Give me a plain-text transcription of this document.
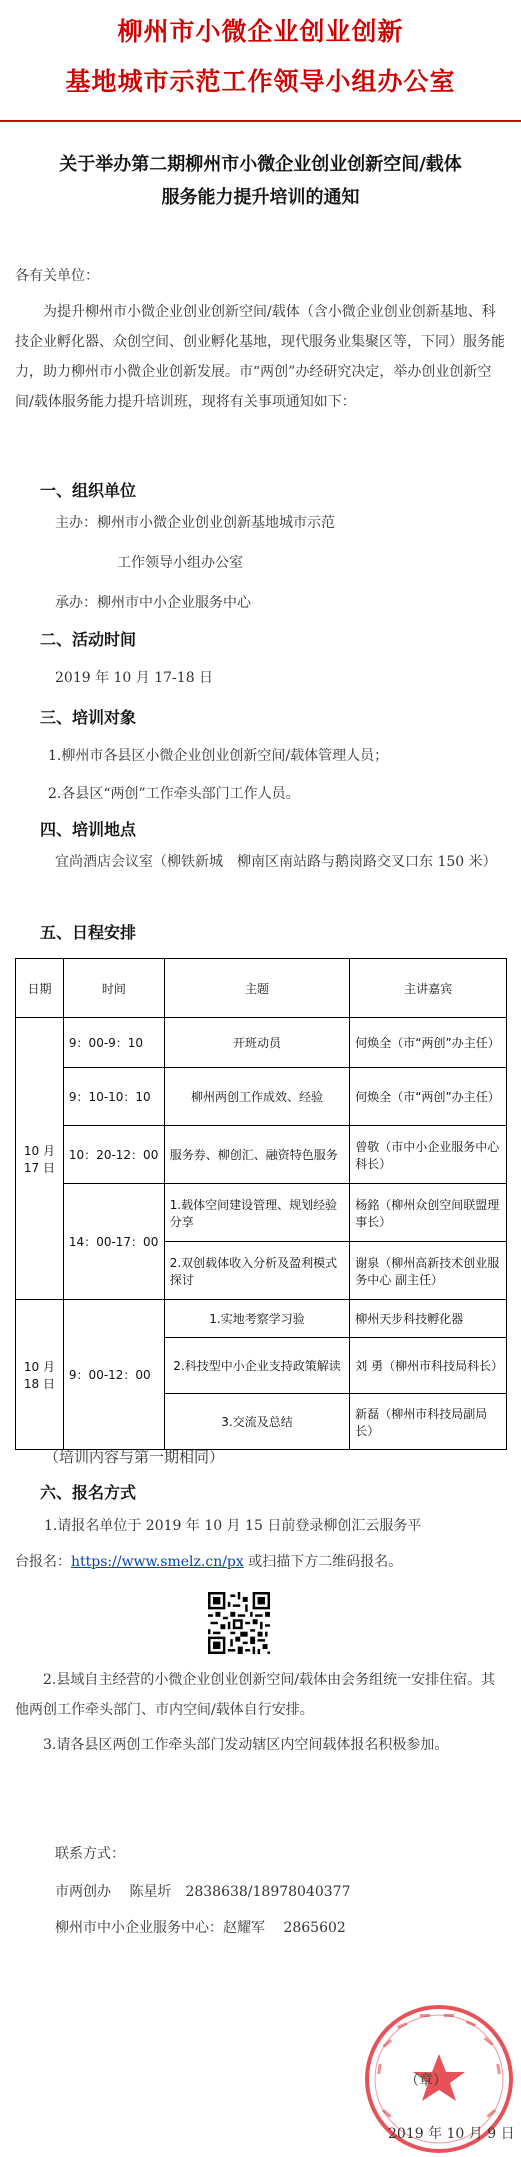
柳州市小微企业创业创新
基地城市示范工作领导小组办公室
关于举办第二期柳州市小微企业创业创新空间/载体
服务能力提升培训的通知
各有关单位：
为提升柳州市小微企业创业创新空间/载体（含小微企业创业创新基地、科技企业孵化器、众创空间、创业孵化基地，现代服务业集聚区等，下同）服务能力，助力柳州市小微企业创新发展。市“两创”办经研究决定，举办创业创新空间/载体服务能力提升培训班，现将有关事项通知如下：
一、组织单位
主办： 柳州市小微企业创业创新基地城市示范
工作领导小组办公室
承办：柳州市中小企业服务中心
二、活动时间
2019 年 10 月 17-18 日
三、培训对象
1.柳州市各县区小微企业创业创新空间/载体管理人员；
2.各县区“两创”工作牵头部门工作人员。
四、培训地点
宜尚酒店会议室（柳铁新城　柳南区南站路与鹅岗路交叉口东 150 米）
五、日程安排
日期	时间	主题	主讲嘉宾
10 月 17 日	9：00-9：10	开班动员	何焕全（市“两创”办主任）
	9：10-10：10	柳州两创工作成效、经验	何焕全（市“两创”办主任）
	10：20-12：00	服务券、柳创汇、融资特色服务	曾敬（市中小企业服务中心科长）
	14：00-17：00	1.载体空间建设管理、规划经验分享	杨銘（柳州众创空间联盟理事长）
		2.双创载体收入分析及盈利模式探讨	谢泉（柳州高新技术创业服务中心 副主任）
10 月 18 日	9：00-12：00	1.实地考察学习验	柳州天步科技孵化器
		2.科技型中小企业支持政策解读	刘 勇（柳州市科技局科长）
		3.交流及总结	新磊（柳州市科技局副局长）
（培训内容与第一期相同）
六、报名方式
1.请报名单位于 2019 年 10 月 15 日前登录柳创汇云服务平
台报名：https://www.smelz.cn/px 或扫描下方二维码报名。
2.县域自主经营的小微企业创业创新空间/载体由会务组统一安排住宿。其他两创工作牵头部门、市内空间/载体自行安排。
3.请各县区两创工作牵头部门发动辖区内空间载体报名积极参加。
联系方式：
市两创办　 陈星圻　2838638/18978040377
柳州市中小企业服务中心：赵耀军　 2865602
（章）
2019 年 10 月 9 日
